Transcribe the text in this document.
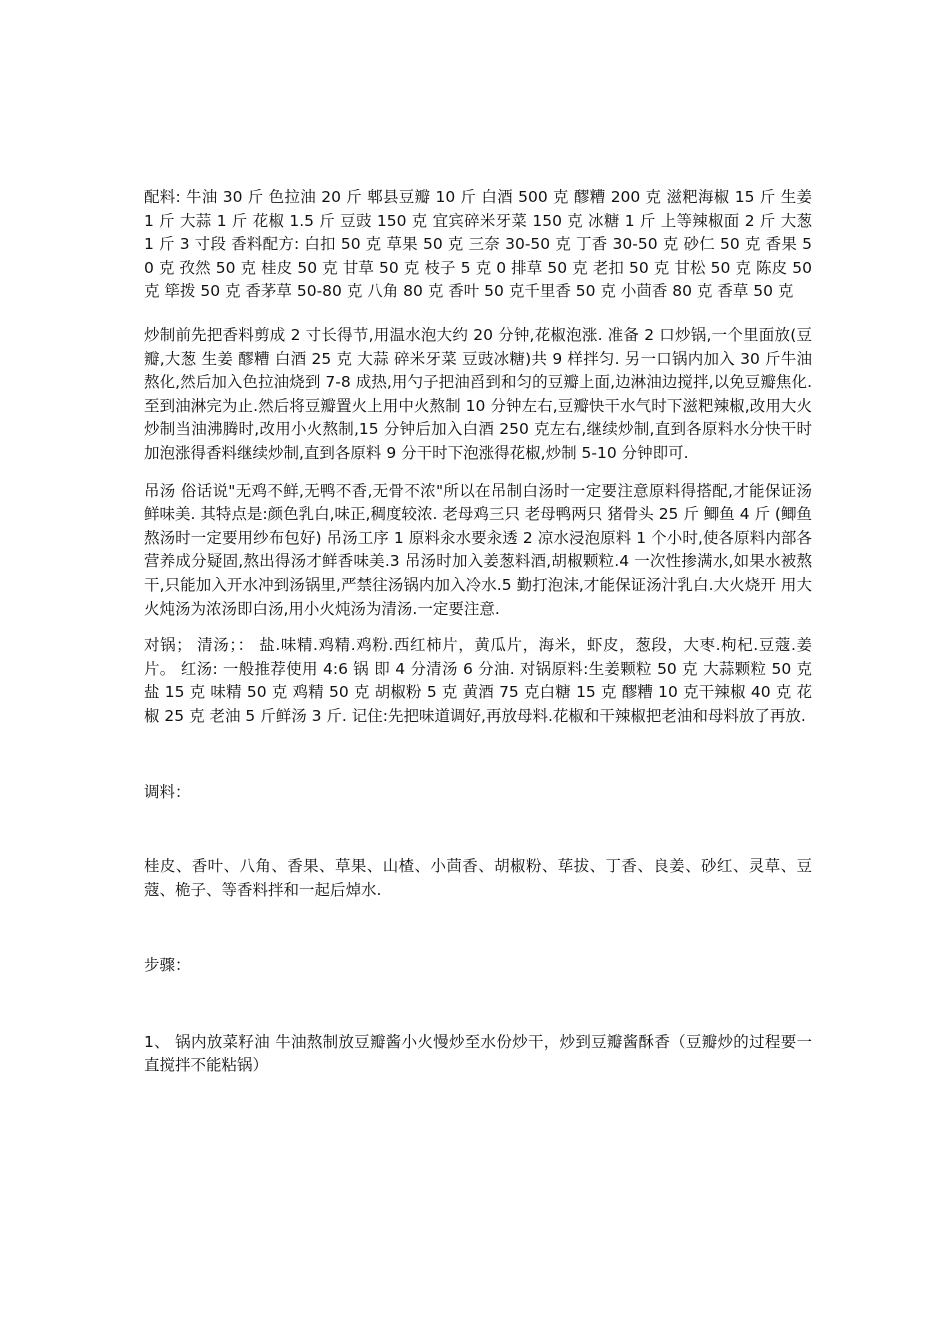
配料: 牛油 30 斤 色拉油 20 斤 郫县豆瓣 10 斤 白酒 500 克 醪糟 200 克 滋粑海椒 15 斤 生姜 1 斤 大蒜 1 斤 花椒 1.5 斤 豆豉 150 克 宜宾碎米牙菜 150 克 冰糖 1 斤 上等辣椒面 2 斤 大葱 1 斤 3 寸段 香料配方: 白扣 50 克 草果 50 克 三奈 30-50 克 丁香 30-50 克 砂仁 50 克 香果 50 克 孜然 50 克 桂皮 50 克 甘草 50 克 枝子 5 克 0 排草 50 克 老扣 50 克 甘松 50 克 陈皮 50 克 筚拨 50 克 香茅草 50-80 克 八角 80 克 香叶 50 克千里香 50 克 小茴香 80 克 香草 50 克

炒制前先把香料剪成 2 寸长得节,用温水泡大约 20 分钟,花椒泡涨. 准备 2 口炒锅,一个里面放(豆瓣,大葱 生姜 醪糟 白酒 25 克 大蒜 碎米牙菜 豆豉冰糖)共 9 样拌匀. 另一口锅内加入 30 斤牛油熬化,然后加入色拉油烧到 7-8 成热,用勺子把油舀到和匀的豆瓣上面,边淋油边搅拌,以免豆瓣焦化.至到油淋完为止.然后将豆瓣置火上用中火熬制 10 分钟左右,豆瓣快干水气时下滋粑辣椒,改用大火炒制当油沸腾时,改用小火熬制,15 分钟后加入白酒 250 克左右,继续炒制,直到各原料水分快干时加泡涨得香料继续炒制,直到各原料 9 分干时下泡涨得花椒,炒制 5-10 分钟即可.

吊汤 俗话说"无鸡不鲜,无鸭不香,无骨不浓"所以在吊制白汤时一定要注意原料得搭配,才能保证汤鲜味美. 其特点是:颜色乳白,味正,稠度较浓. 老母鸡三只 老母鸭两只 猪骨头 25 斤 鲫鱼 4 斤 (鲫鱼熬汤时一定要用纱布包好) 吊汤工序 1 原料汆水要汆透 2 凉水浸泡原料 1 个小时,使各原料内部各营养成分疑固,熬出得汤才鲜香味美.3 吊汤时加入姜葱料酒,胡椒颗粒.4 一次性掺满水,如果水被熬干,只能加入开水冲到汤锅里,严禁往汤锅内加入冷水.5 勤打泡沫,才能保证汤汁乳白.大火烧开 用大火炖汤为浓汤即白汤,用小火炖汤为清汤.一定要注意.

对锅； 清汤；： 盐.味精.鸡精.鸡粉.西红柿片，黄瓜片，海米，虾皮，葱段，大枣.枸杞.豆蔻.姜片。 红汤: 一般推荐使用 4:6 锅 即 4 分清汤 6 分油. 对锅原料:生姜颗粒 50 克 大蒜颗粒 50 克 盐 15 克 味精 50 克 鸡精 50 克 胡椒粉 5 克 黄酒 75 克白糖 15 克 醪糟 10 克干辣椒 40 克 花椒 25 克 老油 5 斤鲜汤 3 斤. 记住:先把味道调好,再放母料.花椒和干辣椒把老油和母料放了再放.

调料：

桂皮、香叶、八角、香果、草果、山楂、小茴香、胡椒粉、荜拔、丁香、良姜、砂红、灵草、豆蔻、桅子、等香料拌和一起后焯水.

步骤：

1、 锅内放菜籽油 牛油熬制放豆瓣酱小火慢炒至水份炒干，炒到豆瓣酱酥香（豆瓣炒的过程要一直搅拌不能粘锅）
